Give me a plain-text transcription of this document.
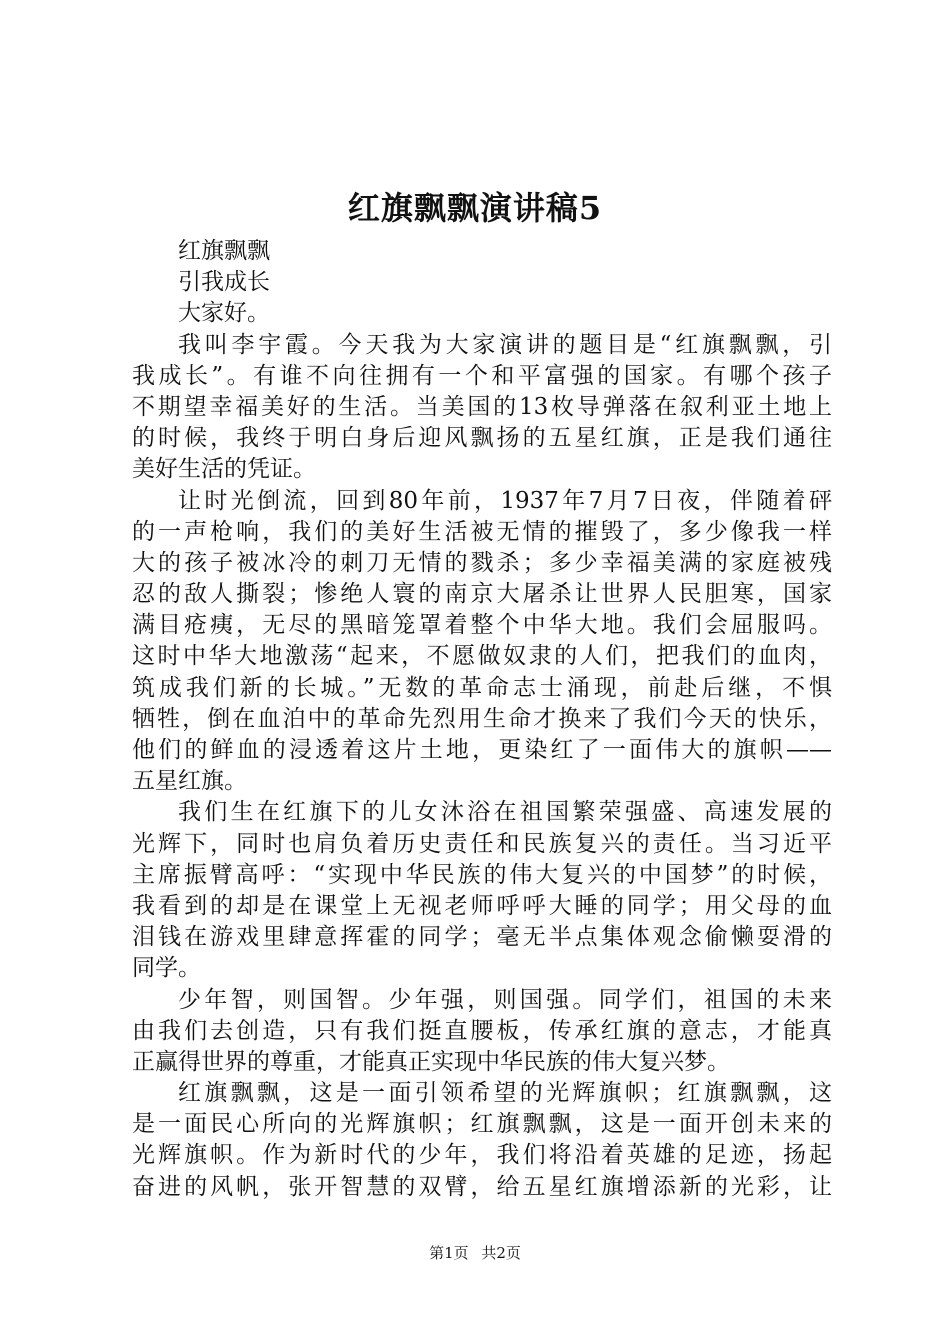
红旗飘飘演讲稿5

红旗飘飘

引我成长

大家好。

我叫李宇霞。今天我为大家演讲的题目是“红旗飘飘，引

我成长”。有谁不向往拥有一个和平富强的国家。有哪个孩子

不期望幸福美好的生活。当美国的13枚导弹落在叙利亚土地上

的时候，我终于明白身后迎风飘扬的五星红旗，正是我们通往

美好生活的凭证。

让时光倒流，回到80年前，1937年7月7日夜，伴随着砰

的一声枪响，我们的美好生活被无情的摧毁了，多少像我一样

大的孩子被冰冷的刺刀无情的戮杀；多少幸福美满的家庭被残

忍的敌人撕裂；惨绝人寰的南京大屠杀让世界人民胆寒，国家

满目疮痍，无尽的黑暗笼罩着整个中华大地。我们会屈服吗。

这时中华大地激荡“起来，不愿做奴隶的人们，把我们的血肉，

筑成我们新的长城。”无数的革命志士涌现，前赴后继，不惧

牺牲，倒在血泊中的革命先烈用生命才换来了我们今天的快乐，

他们的鲜血的浸透着这片土地，更染红了一面伟大的旗帜——

五星红旗。

我们生在红旗下的儿女沐浴在祖国繁荣强盛、高速发展的

光辉下，同时也肩负着历史责任和民族复兴的责任。当习近平

主席振臂高呼：“实现中华民族的伟大复兴的中国梦”的时候，

我看到的却是在课堂上无视老师呼呼大睡的同学；用父母的血

泪钱在游戏里肆意挥霍的同学；毫无半点集体观念偷懒耍滑的

同学。

少年智，则国智。少年强，则国强。同学们，祖国的未来

由我们去创造，只有我们挺直腰板，传承红旗的意志，才能真

正赢得世界的尊重，才能真正实现中华民族的伟大复兴梦。

红旗飘飘，这是一面引领希望的光辉旗帜；红旗飘飘，这

是一面民心所向的光辉旗帜；红旗飘飘，这是一面开创未来的

光辉旗帜。作为新时代的少年，我们将沿着英雄的足迹，扬起

奋进的风帆，张开智慧的双臂，给五星红旗增添新的光彩，让

第1页 共2页
